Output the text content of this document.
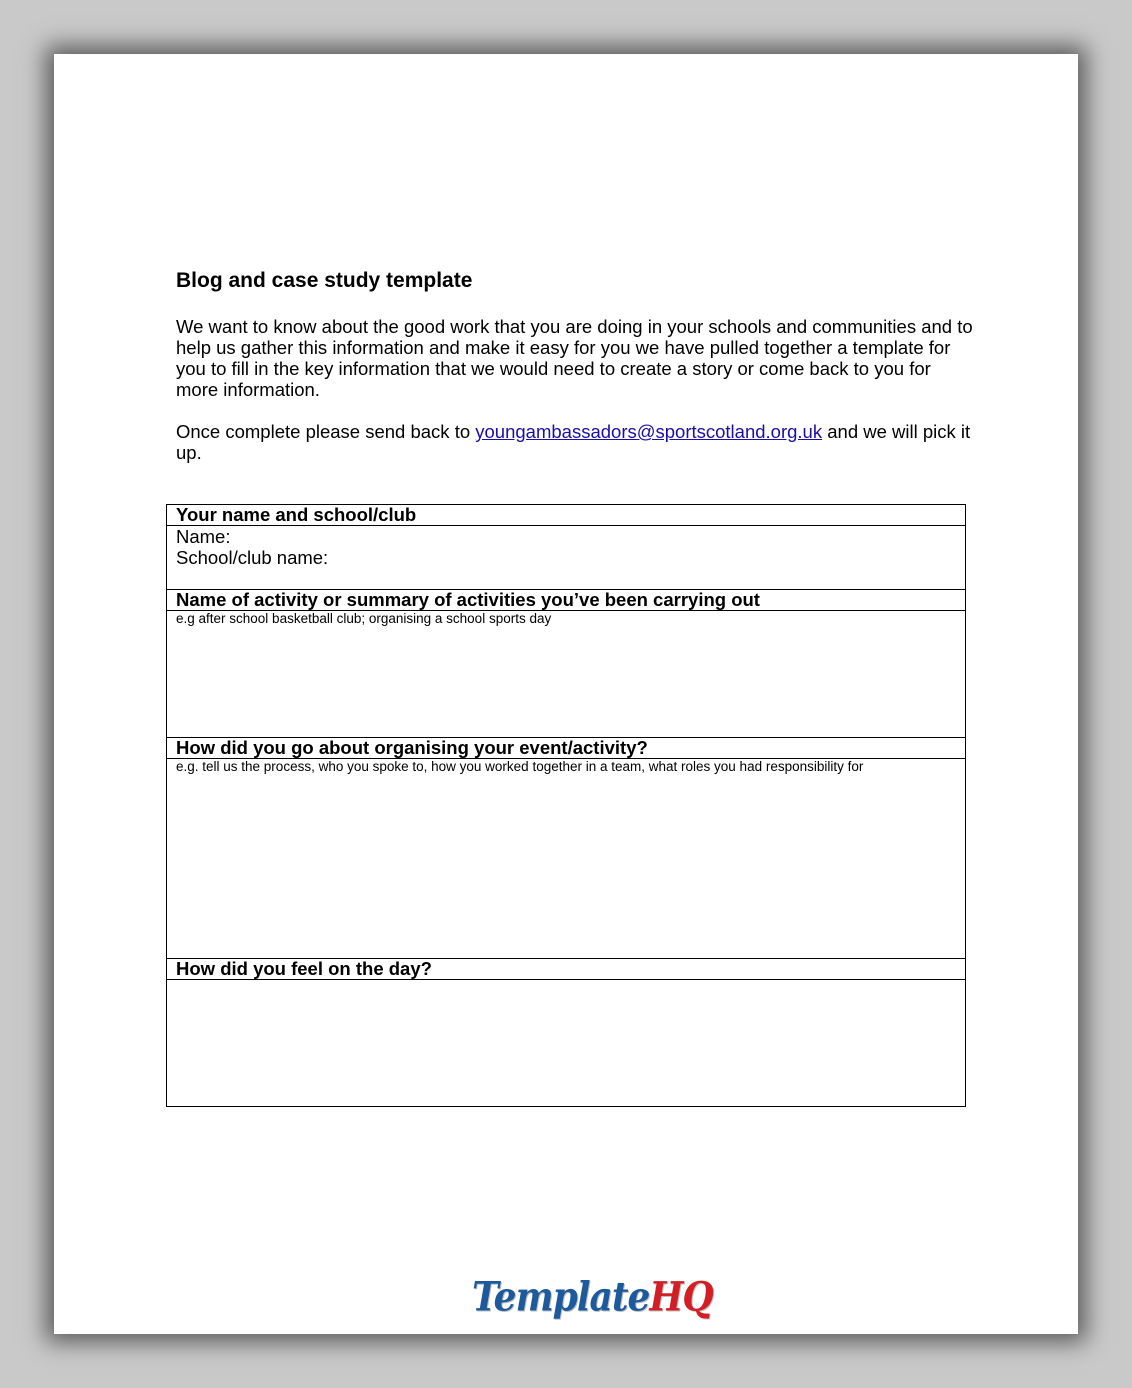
Blog and case study template

We want to know about the good work that you are doing in your schools and communities and to help us gather this information and make it easy for you we have pulled together a template for you to fill in the key information that we would need to create a story or come back to you for more information.

Once complete please send back to youngambassadors@sportscotland.org.uk and we will pick it up.

Your name and school/club

Name:
School/club name:

Name of activity or summary of activities you’ve been carrying out

e.g after school basketball club; organising a school sports day

How did you go about organising your event/activity?

e.g. tell us the process, who you spoke to, how you worked together in a team, what roles you had responsibility for

How did you feel on the day?

TemplateHQ
